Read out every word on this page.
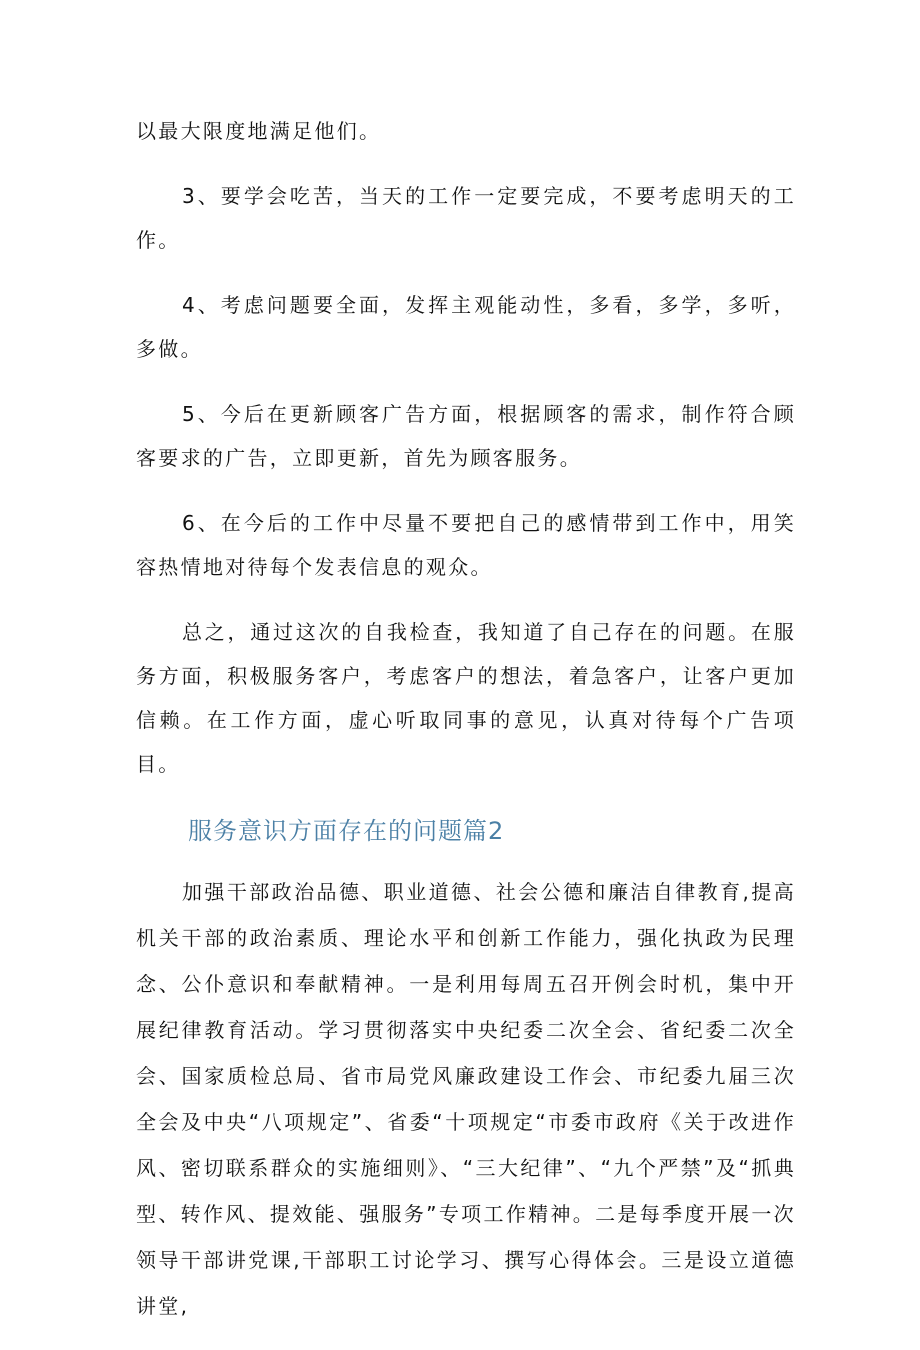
以最大限度地满足他们。

3、要学会吃苦，当天的工作一定要完成，不要考虑明天的工作。

4、考虑问题要全面，发挥主观能动性，多看，多学，多听，多做。

5、今后在更新顾客广告方面，根据顾客的需求，制作符合顾客要求的广告，立即更新，首先为顾客服务。

6、在今后的工作中尽量不要把自己的感情带到工作中，用笑容热情地对待每个发表信息的观众。

总之，通过这次的自我检查，我知道了自己存在的问题。在服务方面，积极服务客户，考虑客户的想法，着急客户，让客户更加信赖。在工作方面，虚心听取同事的意见，认真对待每个广告项目。

服务意识方面存在的问题篇2

加强干部政治品德、职业道德、社会公德和廉洁自律教育,提高机关干部的政治素质、理论水平和创新工作能力，强化执政为民理念、公仆意识和奉献精神。一是利用每周五召开例会时机，集中开展纪律教育活动。学习贯彻落实中央纪委二次全会、省纪委二次全会、国家质检总局、省市局党风廉政建设工作会、市纪委九届三次全会及中央“八项规定”、省委“十项规定“市委市政府《关于改进作风、密切联系群众的实施细则》、“三大纪律”、“九个严禁”及“抓典型、转作风、提效能、强服务”专项工作精神。二是每季度开展一次领导干部讲党课,干部职工讨论学习、撰写心得体会。三是设立道德讲堂,
